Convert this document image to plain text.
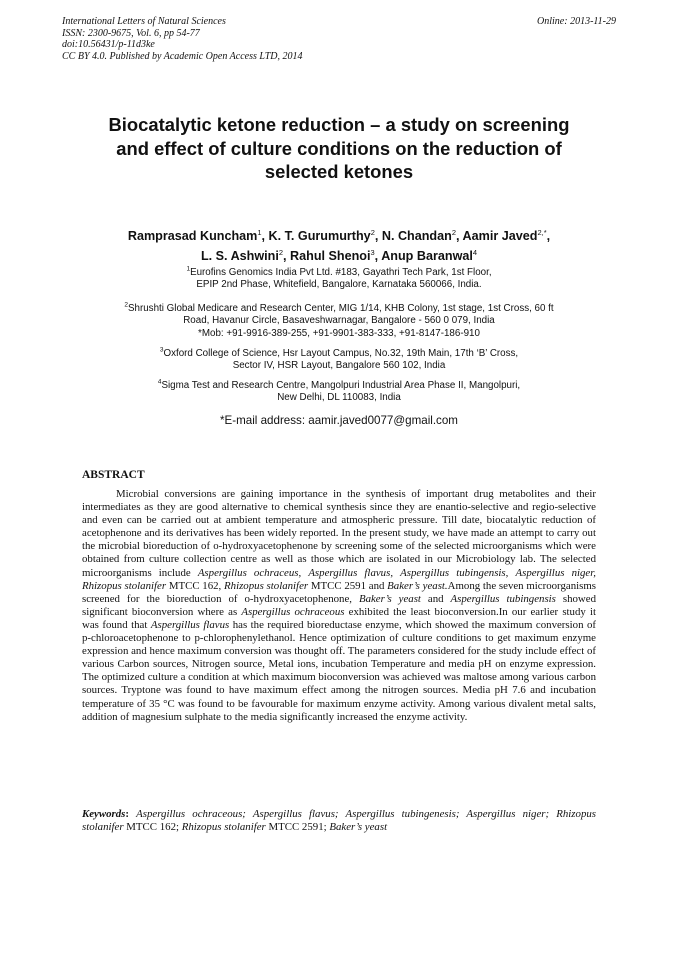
International Letters of Natural Sciences
ISSN: 2300-9675, Vol. 6, pp 54-77
doi:10.56431/p-11d3ke
CC BY 4.0. Published by Academic Open Access LTD, 2014
Online: 2013-11-29
Biocatalytic ketone reduction – a study on screening
and effect of culture conditions on the reduction of
selected ketones
Ramprasad Kuncham$^1$, K. T. Gurumurthy$^2$, N. Chandan$^2$, Aamir Javed$^{2,*}$,
L. S. Ashwini$^2$, Rahul Shenoi$^3$, Anup Baranwal$^4$
$^1$Eurofins Genomics India Pvt Ltd. #183, Gayathri Tech Park, 1st Floor,
EPIP 2nd Phase, Whitefield, Bangalore, Karnataka 560066, India.
$^2$Shrushti Global Medicare and Research Center, MIG 1/14, KHB Colony, 1st stage, 1st Cross, 60 ft
Road, Havanur Circle, Basaveshwarnagar, Bangalore - 560 0 079, India
*Mob: +91-9916-389-255, +91-9901-383-333, +91-8147-186-910
$^3$Oxford College of Science, Hsr Layout Campus, No.32, 19th Main, 17th ‘B’ Cross,
Sector IV, HSR Layout, Bangalore 560 102, India
$^4$Sigma Test and Research Centre, Mangolpuri Industrial Area Phase II, Mangolpuri,
New Delhi, DL 110083, India
*E-mail address: aamir.javed0077@gmail.com
ABSTRACT
Microbial conversions are gaining importance in the synthesis of important drug metabolites and their intermediates as they are good alternative to chemical synthesis since they are enantio-selective and regio-selective and even can be carried out at ambient temperature and atmospheric pressure. Till date, biocatalytic reduction of acetophenone and its derivatives has been widely reported. In the present study, we have made an attempt to carry out the microbial bioreduction of o-hydroxyacetophenone by screening some of the selected microorganisms which were obtained from culture collection centre as well as those which are isolated in our Microbiology lab. The selected microorganisms include Aspergillus ochraceus, Aspergillus flavus, Aspergillus tubingensis, Aspergillus niger, Rhizopus stolanifer MTCC 162, Rhizopus stolanifer MTCC 2591 and Baker’s yeast.Among the seven microorganisms screened for the bioreduction of o-hydroxyacetophenone, Baker’s yeast and Aspergillus tubingensis showed significant bioconversion where as Aspergillus ochraceous exhibited the least bioconversion.In our earlier study it was found that Aspergillus flavus has the required bioreductase enzyme, which showed the maximum conversion of p-chloroacetophenone to p-chlorophenylethanol. Hence optimization of culture conditions to get maximum enzyme expression and hence maximum conversion was thought off. The parameters considered for the study include effect of various Carbon sources, Nitrogen source, Metal ions, incubation Temperature and media pH on enzyme expression. The optimized culture a condition at which maximum bioconversion was achieved was maltose among various carbon sources. Tryptone was found to have maximum effect among the nitrogen sources. Media pH 7.6 and incubation temperature of 35 °C was found to be favourable for maximum enzyme activity. Among various divalent metal salts, addition of magnesium sulphate to the media significantly increased the enzyme activity.
Keywords: Aspergillus ochraceous; Aspergillus flavus; Aspergillus tubingenesis; Aspergillus niger; Rhizopus stolanifer MTCC 162; Rhizopus stolanifer MTCC 2591; Baker’s yeast
